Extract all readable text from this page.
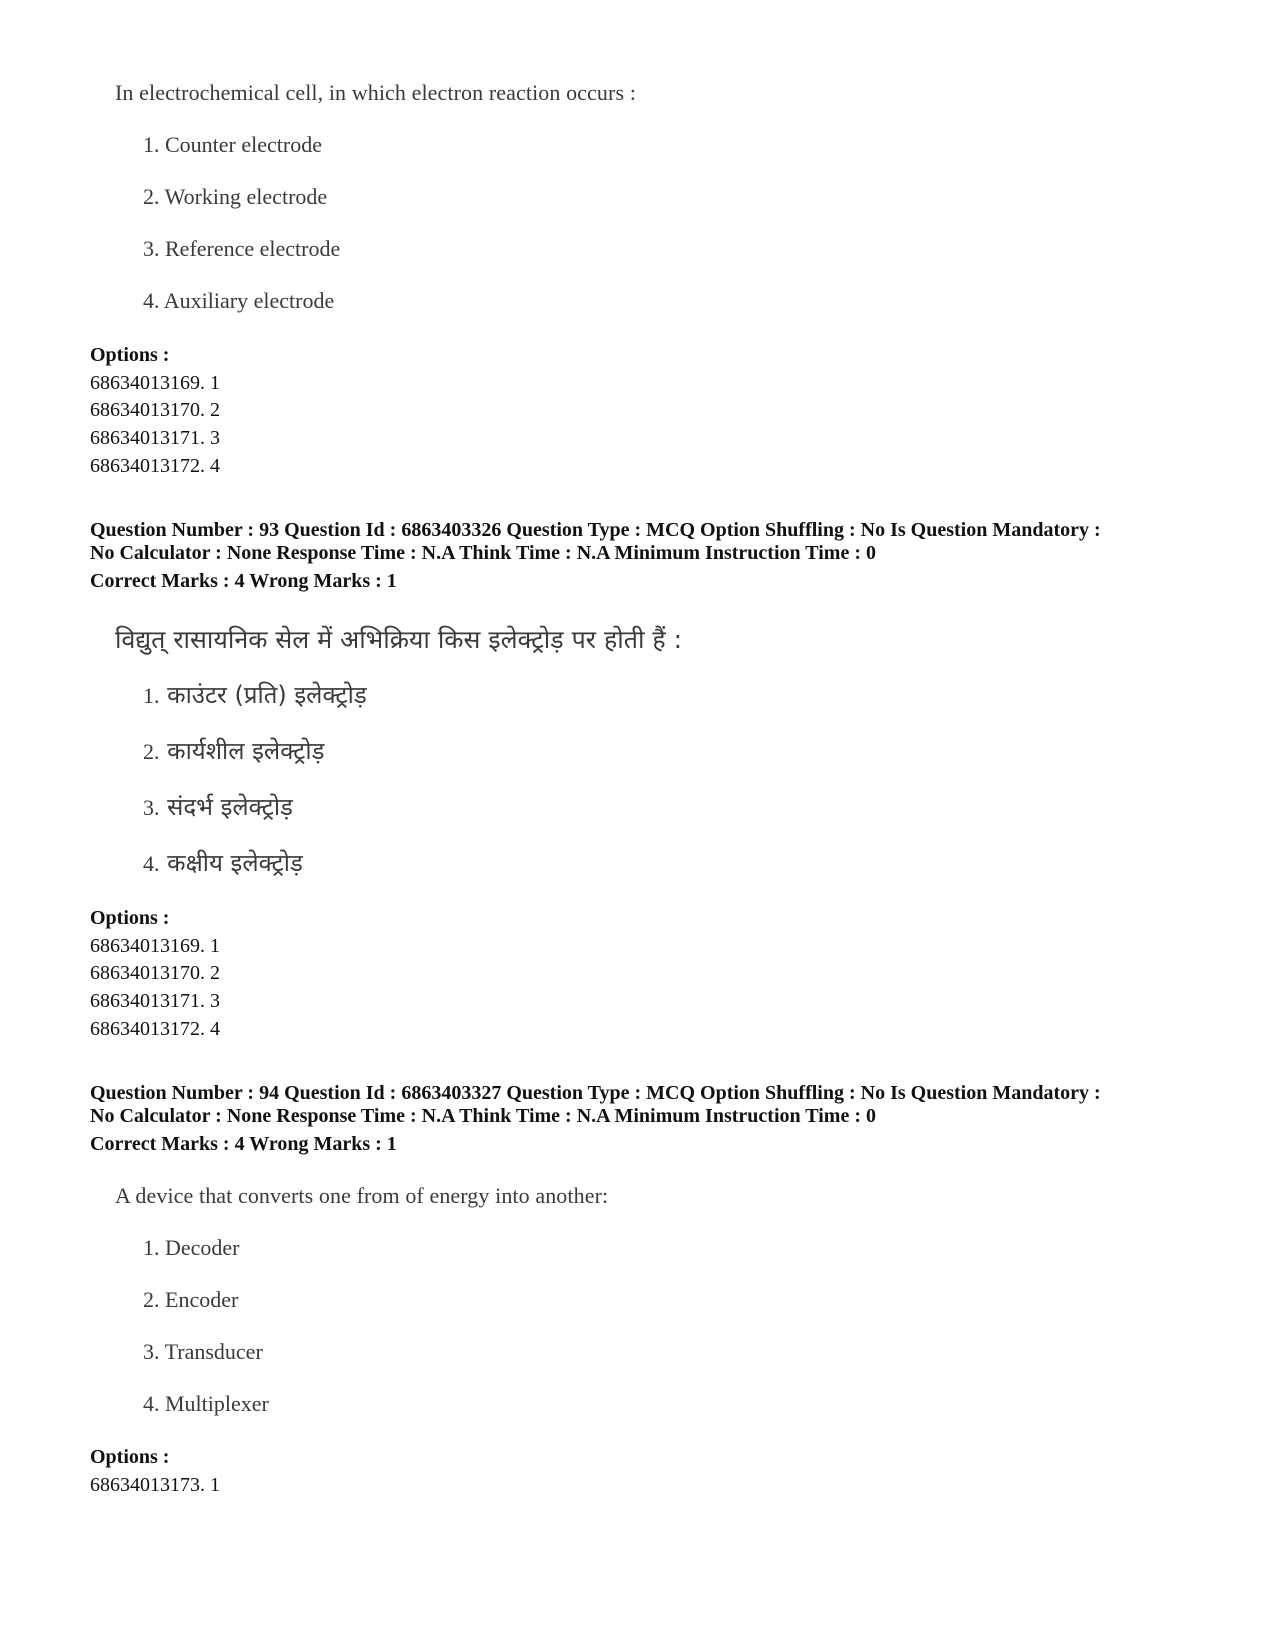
In electrochemical cell, in which electron reaction occurs :
1. Counter electrode
2. Working electrode
3. Reference electrode
4. Auxiliary electrode
Options :
68634013169. 1
68634013170. 2
68634013171. 3
68634013172. 4
Question Number : 93 Question Id : 6863403326 Question Type : MCQ Option Shuffling : No Is Question Mandatory :
No Calculator : None Response Time : N.A Think Time : N.A Minimum Instruction Time : 0
Correct Marks : 4 Wrong Marks : 1
विद्युत् रासायनिक सेल में अभिक्रिया किस इलेक्ट्रोड़ पर होती हैं :
1. काउंटर (प्रति) इलेक्ट्रोड़
2. कार्यशील इलेक्ट्रोड़
3. संदर्भ इलेक्ट्रोड़
4. कक्षीय इलेक्ट्रोड़
Options :
68634013169. 1
68634013170. 2
68634013171. 3
68634013172. 4
Question Number : 94 Question Id : 6863403327 Question Type : MCQ Option Shuffling : No Is Question Mandatory :
No Calculator : None Response Time : N.A Think Time : N.A Minimum Instruction Time : 0
Correct Marks : 4 Wrong Marks : 1
A device that converts one from of energy into another:
1. Decoder
2. Encoder
3. Transducer
4. Multiplexer
Options :
68634013173. 1
